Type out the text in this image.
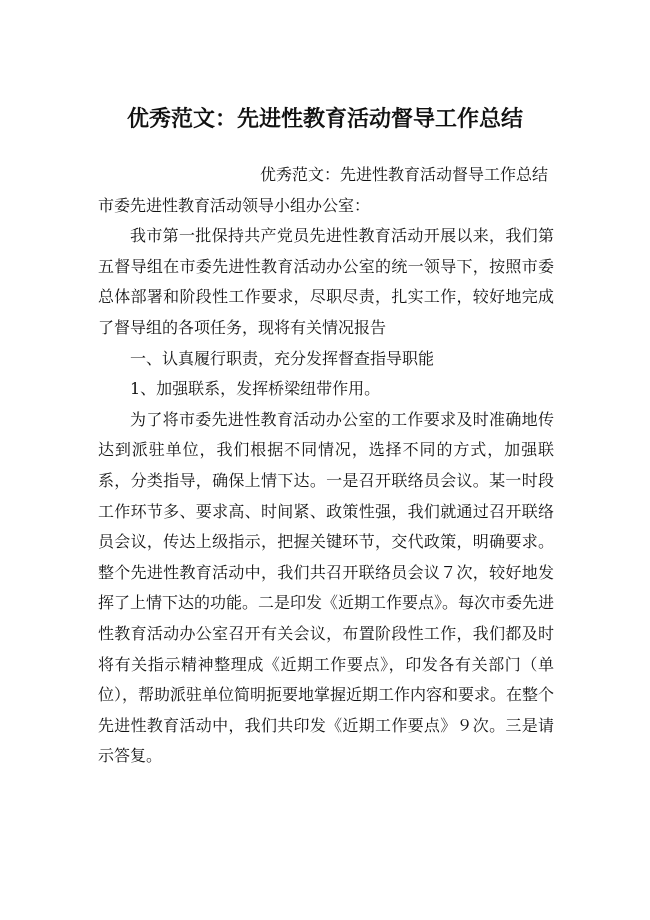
优秀范文：先进性教育活动督导工作总结

优秀范文：先进性教育活动督导工作总结

市委先进性教育活动领导小组办公室：

我市第一批保持共产党员先进性教育活动开展以来，我们第五督导组在市委先进性教育活动办公室的统一领导下，按照市委总体部署和阶段性工作要求，尽职尽责，扎实工作，较好地完成了督导组的各项任务，现将有关情况报告

一、认真履行职责，充分发挥督查指导职能

1、加强联系，发挥桥梁纽带作用。

为了将市委先进性教育活动办公室的工作要求及时准确地传达到派驻单位，我们根据不同情况，选择不同的方式，加强联系，分类指导，确保上情下达。一是召开联络员会议。某一时段工作环节多、要求高、时间紧、政策性强，我们就通过召开联络员会议，传达上级指示，把握关键环节，交代政策，明确要求。整个先进性教育活动中，我们共召开联络员会议７次，较好地发挥了上情下达的功能。二是印发《近期工作要点》。每次市委先进性教育活动办公室召开有关会议，布置阶段性工作，我们都及时将有关指示精神整理成《近期工作要点》，印发各有关部门（单位），帮助派驻单位简明扼要地掌握近期工作内容和要求。在整个先进性教育活动中，我们共印发《近期工作要点》９次。三是请示答复。
